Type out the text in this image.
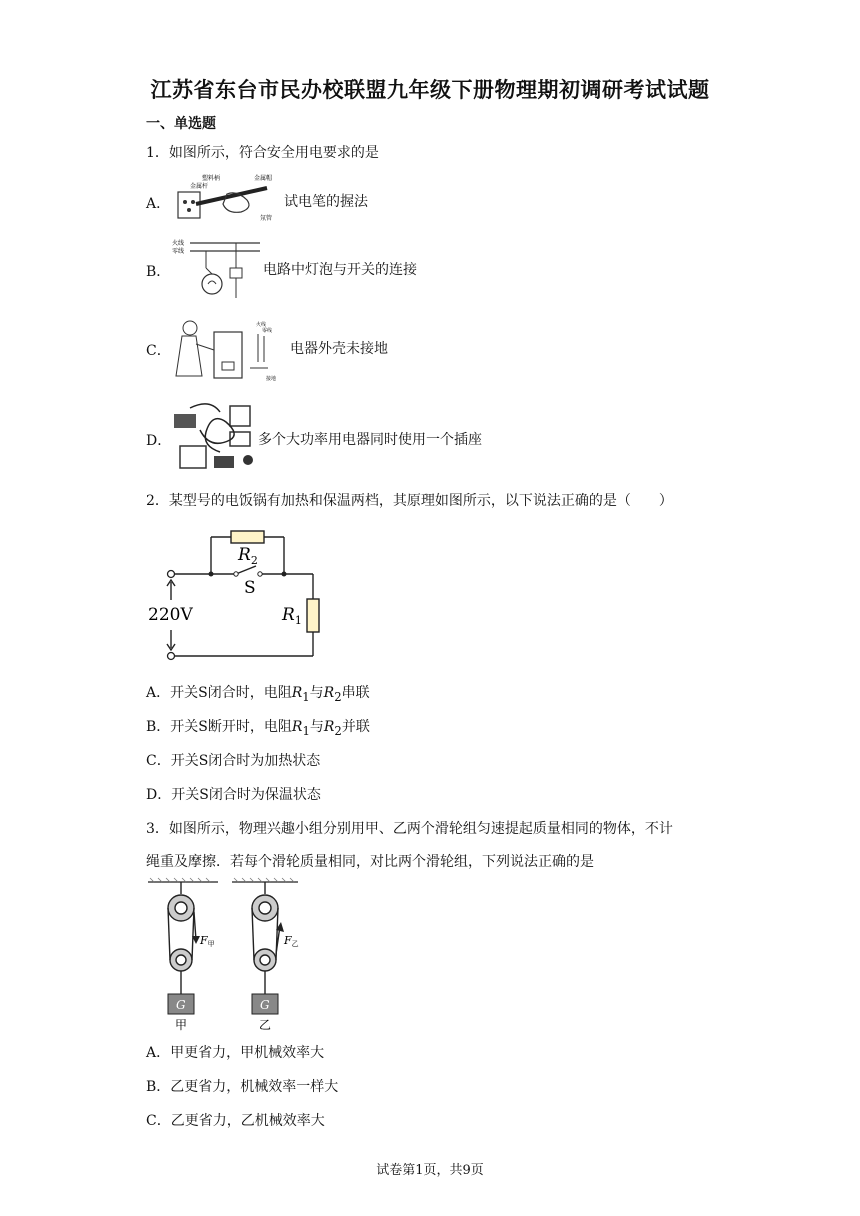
江苏省东台市民办校联盟九年级下册物理期初调研考试试题
一、单选题
1．如图所示，符合安全用电要求的是
A．
塑料柄	金属帽
金属杆
氖管
试电笔的握法
B．
火线
零线
电路中灯泡与开关的连接
C．
火线
零线
接地
电器外壳未接地
D．	多个大功率用电器同时使用一个插座
2．某型号的电饭锅有加热和保温两档，其原理如图所示，以下说法正确的是（　　）
$R_2$
S
220V	$R_1$
A．开关S闭合时，电阻$R_1$与$R_2$串联
B．开关S断开时，电阻$R_1$与$R_2$并联
C．开关S闭合时为加热状态
D．开关S闭合时为保温状态
3．如图所示，物理兴趣小组分别用甲、乙两个滑轮组匀速提起质量相同的物体，不计
绳重及摩擦．若每个滑轮质量相同，对比两个滑轮组，下列说法正确的是
F甲
G
甲
F乙
G
乙
A．甲更省力，甲机械效率大
B．乙更省力，机械效率一样大
C．乙更省力，乙机械效率大
试卷第1页，共9页
